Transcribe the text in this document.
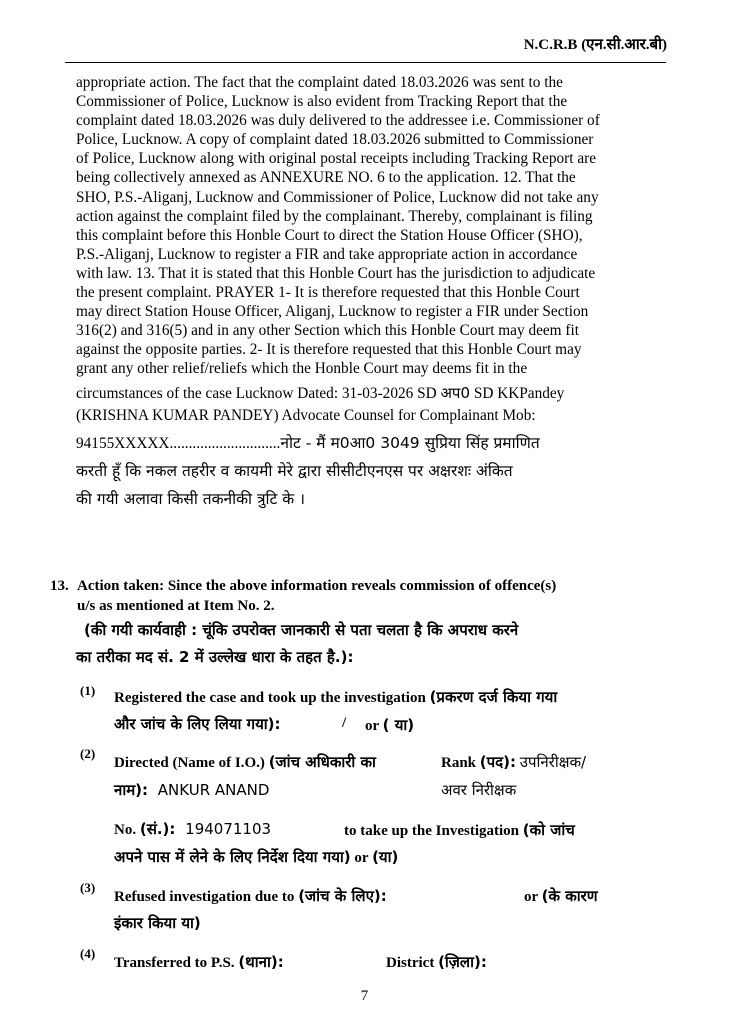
N.C.R.B (एन.सी.आर.बी)
appropriate action. The fact that the complaint dated 18.03.2026 was sent to the
Commissioner of Police, Lucknow is also evident from Tracking Report that the
complaint dated 18.03.2026 was duly delivered to the addressee i.e. Commissioner of
Police, Lucknow. A copy of complaint dated 18.03.2026 submitted to Commissioner
of Police, Lucknow along with original postal receipts including Tracking Report are
being collectively annexed as ANNEXURE NO. 6 to the application. 12. That the
SHO, P.S.-Aliganj, Lucknow and Commissioner of Police, Lucknow did not take any
action against the complaint filed by the complainant. Thereby, complainant is filing
this complaint before this Honble Court to direct the Station House Officer (SHO),
P.S.-Aliganj, Lucknow to register a FIR and take appropriate action in accordance
with law. 13. That it is stated that this Honble Court has the jurisdiction to adjudicate
the present complaint. PRAYER 1- It is therefore requested that this Honble Court
may direct Station House Officer, Aliganj, Lucknow to register a FIR under Section
316(2) and 316(5) and in any other Section which this Honble Court may deem fit
against the opposite parties. 2- It is therefore requested that this Honble Court may
grant any other relief/reliefs which the Honble Court may deems fit in the
circumstances of the case Lucknow Dated: 31-03-2026 SD अप0 SD KKPandey
(KRISHNA KUMAR PANDEY) Advocate Counsel for Complainant Mob:
94155XXXXX.............................नोट - मैं म0आ0 3049 सुप्रिया सिंह प्रमाणित
करती हूँ कि नकल तहरीर व कायमी मेरे द्वारा सीसीटीएनएस पर अक्षरशः अंकित
की गयी अलावा किसी तकनीकी त्रुटि के ।
13. Action taken: Since the above information reveals commission of offence(s)
u/s as mentioned at Item No. 2.
(की गयी कार्यवाही : चूंकि उपरोक्त जानकारी से पता चलता है कि अपराध करने
का तरीका मद सं. 2 में उल्लेख धारा के तहत है.):
(1) Registered the case and took up the investigation (प्रकरण दर्ज किया गया
और जांच के लिए लिया गया):	/ or ( या)
(2)
Directed (Name of I.O.) (जांच अधिकारी का	Rank (पद): उपनिरीक्षक/
नाम): ANKUR ANAND	अवर निरीक्षक
No. (सं.): 194071103	to take up the Investigation (को जांच
अपने पास में लेने के लिए निर्देश दिया गया) or (या)
(3)
Refused investigation due to (जांच के लिए):	or (के कारण
इंकार किया या)
(4)
Transferred to P.S. (थाना):	District (ज़िला):
7
